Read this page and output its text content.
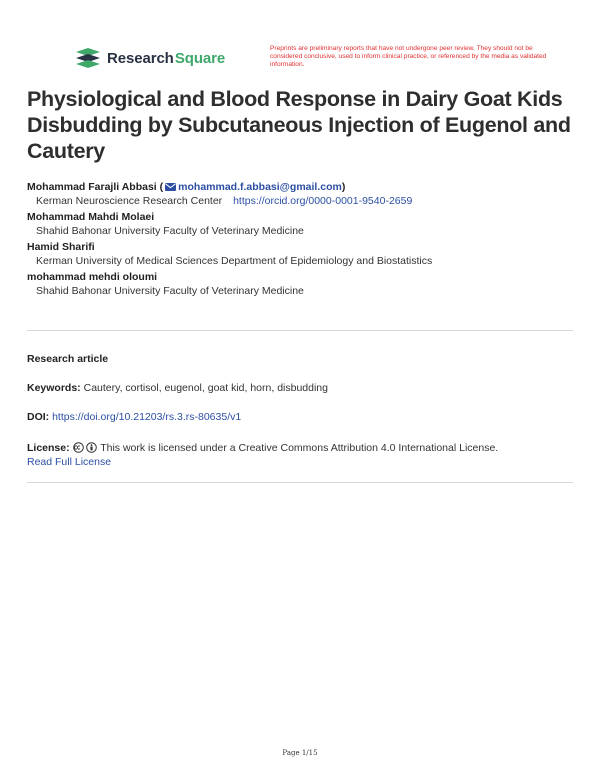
Research Square
Preprints are preliminary reports that have not undergone peer review. They should not be considered conclusive, used to inform clinical practice, or referenced by the media as validated information.
Physiological and Blood Response in Dairy Goat Kids Disbudding by Subcutaneous Injection of Eugenol and Cautery
Mohammad Farajli Abbasi ( mohammad.f.abbasi@gmail.com)
Kerman Neuroscience Research Center https://orcid.org/0000-0001-9540-2659
Mohammad Mahdi Molaei
Shahid Bahonar University Faculty of Veterinary Medicine
Hamid Sharifi
Kerman University of Medical Sciences Department of Epidemiology and Biostatistics
mohammad mehdi oloumi
Shahid Bahonar University Faculty of Veterinary Medicine
Research article
Keywords: Cautery, cortisol, eugenol, goat kid, horn, disbudding
DOI: https://doi.org/10.21203/rs.3.rs-80635/v1
License:	This work is licensed under a Creative Commons Attribution 4.0 International License.
Read Full License
Page 1/15
